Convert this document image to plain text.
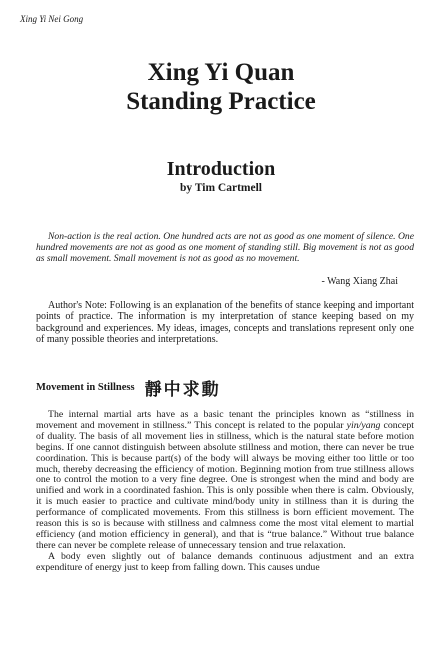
Xing Yi Nei Gong
Xing Yi Quan
Standing Practice
Introduction
by Tim Cartmell
Non-action is the real action. One hundred acts are not as good as one moment of silence. One hundred movements are not as good as one moment of standing still. Big movement is not as good as small movement. Small movement is not as good as no movement.
- Wang Xiang Zhai
Author's Note: Following is an explanation of the benefits of stance keeping and important points of practice. The information is my interpretation of stance keeping based on my background and experiences. My ideas, images, concepts and translations represent only one of many possible theories and interpretations.
Movement in Stillness 靜中求動

The internal martial arts have as a basic tenant the principles known as “stillness in movement and movement in stillness.” This concept is related to the popular yin/yang concept of duality. The basis of all movement lies in stillness, which is the natural state before motion begins. If one cannot distinguish between absolute stillness and motion, there can never be true coordination. This is because part(s) of the body will always be moving either too little or too much, thereby decreasing the efficiency of motion. Beginning motion from true stillness allows one to control the motion to a very fine degree. One is strongest when the mind and body are unified and work in a coordinated fashion. This is only possible when there is calm. Obviously, it is much easier to practice and cultivate mind/body unity in stillness than it is during the performance of complicated movements. From this stillness is born efficient movement. The reason this is so is because with stillness and calmness come the most vital element to martial efficiency (and motion efficiency in general), and that is “true balance.” Without true balance there can never be complete release of unnecessary tension and true relaxation.

A body even slightly out of balance demands continuous adjustment and an extra expenditure of energy just to keep from falling down. This causes undue
